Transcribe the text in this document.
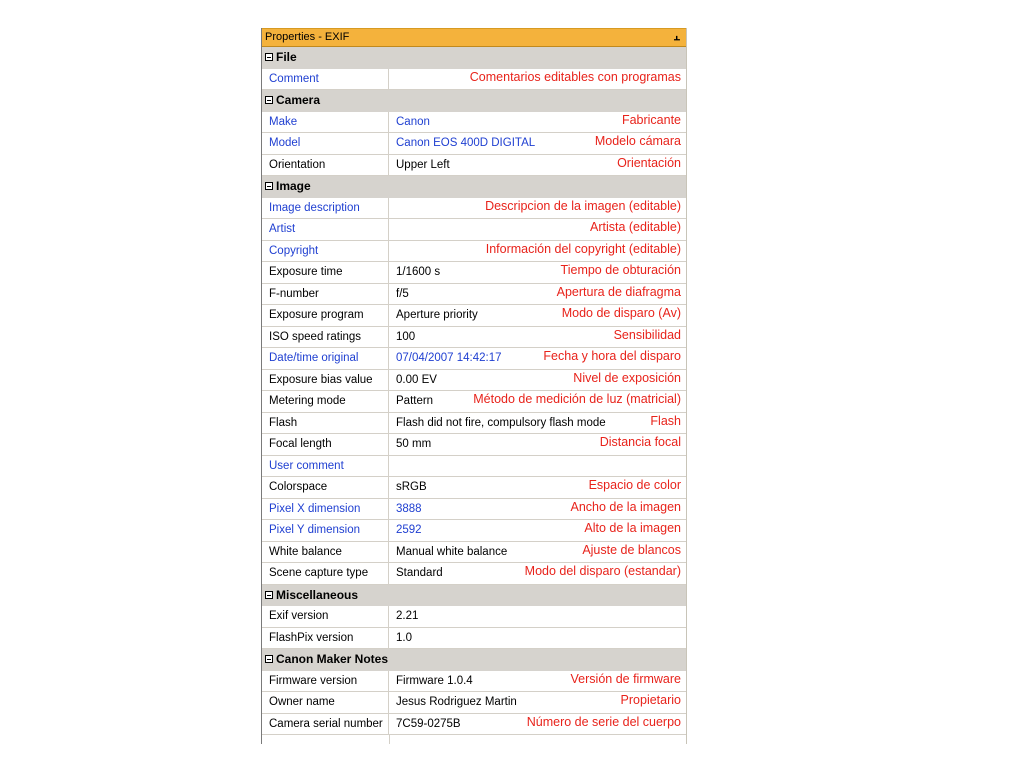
Properties - EXIF	⫠
File
Comment	Comentarios editables con programas
Camera
Make	Canon	Fabricante
Model	Canon EOS 400D DIGITAL	Modelo cámara
Orientation	Upper Left	Orientación
Image
Image description	Descripcion de la imagen (editable)
Artist	Artista (editable)
Copyright	Información del copyright (editable)
Exposure time	1/1600 s	Tiempo de obturación
F-number	f/5	Apertura de diafragma
Exposure program	Aperture priority	Modo de disparo (Av)
ISO speed ratings	100	Sensibilidad
Date/time original	07/04/2007 14:42:17	Fecha y hora del disparo
Exposure bias value	0.00 EV	Nivel de exposición
Metering mode	Pattern	Método de medición de luz (matricial)
Flash	Flash did not fire, compulsory flash mode	Flash
Focal length	50 mm	Distancia focal
User comment
Colorspace	sRGB	Espacio de color
Pixel X dimension	3888	Ancho de la imagen
Pixel Y dimension	2592	Alto de la imagen
White balance	Manual white balance	Ajuste de blancos
Scene capture type	Standard	Modo del disparo (estandar)
Miscellaneous
Exif version	2.21
FlashPix version	1.0
Canon Maker Notes
Firmware version	Firmware 1.0.4	Versión de firmware
Owner name	Jesus Rodriguez Martin	Propietario
Camera serial number	7C59-0275B	Número de serie del cuerpo
